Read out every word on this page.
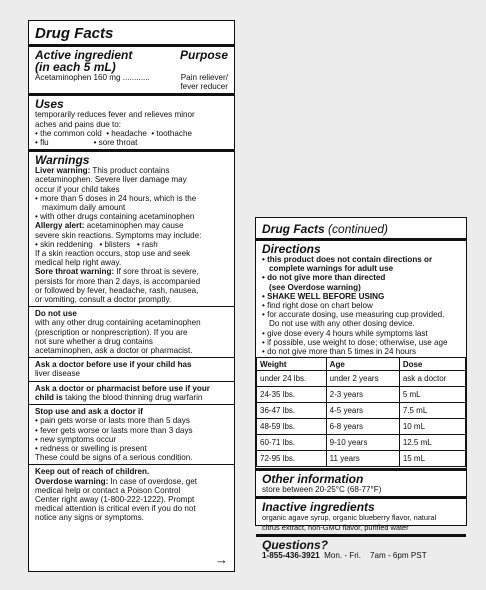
Drug Facts
Active ingredient	Purpose
(in each 5 mL)
Acetaminophen 160 mg ............	Pain reliever/
fever reducer
Uses
temporarily reduces fever and relieves minor
aches and pains due to:
• the common cold  • headache  • toothache
• flu                    • sore throat
Warnings
Liver warning: This product contains
acetaminophen. Severe liver damage may
occur if your child takes
• more than 5 doses in 24 hours, which is the
maximum daily amount
• with other drugs containing acetaminophen
Allergy alert: acetaminophen may cause
severe skin reactions. Symptoms may include:
• skin reddening   • blisters   • rash
If a skin reaction occurs, stop use and seek
medical help right away.
Sore throat warning: If sore throat is severe,
persists for more than 2 days, is accompanied
or followed by fever, headache, rash, nausea,
or vomiting, consult a doctor promptly.
Do not use
with any other drug containing acetaminophen
(prescription or nonprescription). If you are
not sure whether a drug contains
acetaminophen, ask a doctor or pharmacist.
Ask a doctor before use if your child has
liver disease
Ask a doctor or pharmacist before use if your
child is taking the blood thinning drug warfarin
Stop use and ask a doctor if
• pain gets worse or lasts more than 5 days
• fever gets worse or lasts more than 3 days
• new symptoms occur
• redness or swelling is present
These could be signs of a serious condition.
Keep out of reach of children.
Overdose warning: In case of overdose, get
medical help or contact a Poison Control
Center right away (1-800-222-1222). Prompt
medical attention is critical even if you do not
notice any signs or symptoms.
→
Drug Facts (continued)
Directions
• this product does not contain directions or
complete warnings for adult use
• do not give more than directed
(see Overdose warning)
• SHAKE WELL BEFORE USING
• find right dose on chart below
• for accurate dosing, use measuring cup provided.
Do not use with any other dosing device.
• give dose every 4 hours while symptoms last
• if possible, use weight to dose; otherwise, use age
• do not give more than 5 times in 24 hours
Weight	Age	Dose
under 24 lbs.	under 2 years	ask a doctor
24-35 lbs.	2-3 years	5 mL
36-47 lbs.	4-5 years	7.5 mL
48-59 lbs.	6-8 years	10 mL
60-71 lbs.	9-10 years	12.5 mL
72-95 lbs.	11 years	15 mL
Other information
store between 20-25°C (68-77°F)
Inactive ingredients
organic agave syrup, organic blueberry flavor, natural
citrus extract, non-GMO flavor, purified water
Questions?
1-855-436-3921  Mon. - Fri.    7am - 6pm PST
